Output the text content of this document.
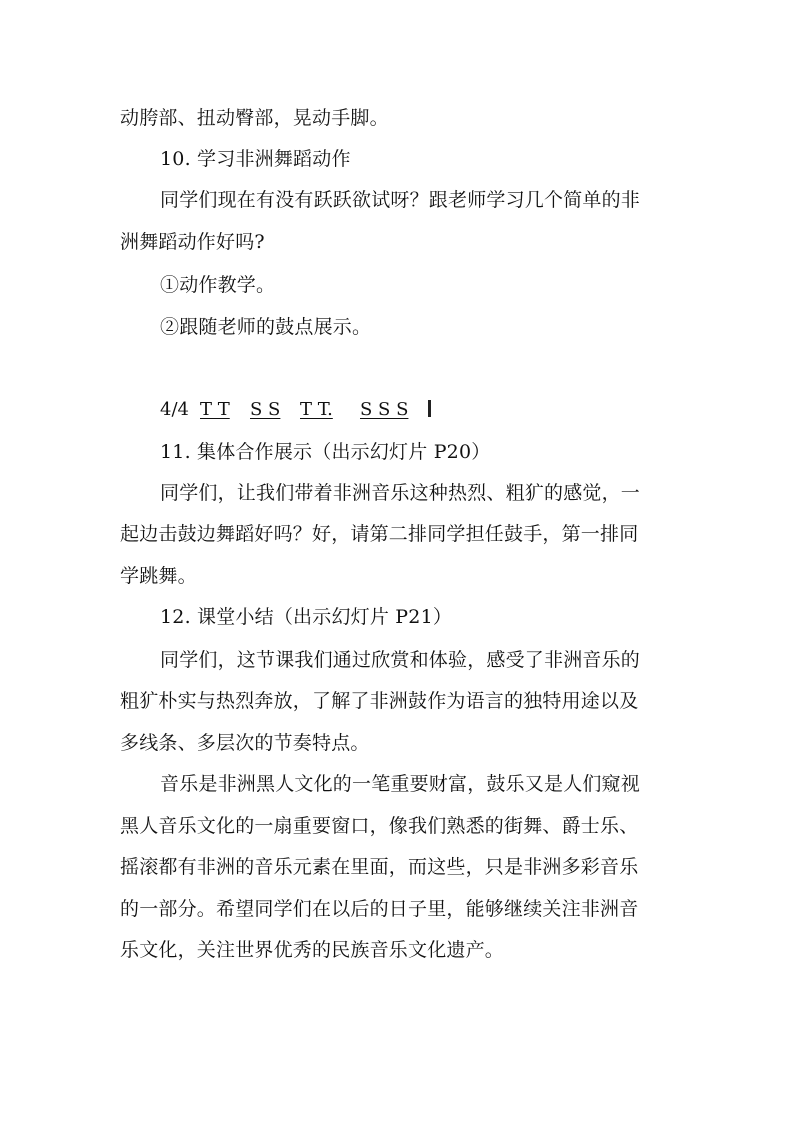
动胯部、扭动臀部，晃动手脚。
10. 学习非洲舞蹈动作
同学们现在有没有跃跃欲试呀？跟老师学习几个简单的非
洲舞蹈动作好吗?
①动作教学。
②跟随老师的鼓点展示。
4/4 T T S S T T. S S S
11. 集体合作展示（出示幻灯片 P20）
同学们，让我们带着非洲音乐这种热烈、粗犷的感觉，一
起边击鼓边舞蹈好吗？好，请第二排同学担任鼓手，第一排同
学跳舞。
12. 课堂小结（出示幻灯片 P21）
同学们，这节课我们通过欣赏和体验，感受了非洲音乐的
粗犷朴实与热烈奔放，了解了非洲鼓作为语言的独特用途以及
多线条、多层次的节奏特点。
音乐是非洲黑人文化的一笔重要财富，鼓乐又是人们窥视
黑人音乐文化的一扇重要窗口，像我们熟悉的街舞、爵士乐、
摇滚都有非洲的音乐元素在里面，而这些，只是非洲多彩音乐
的一部分。希望同学们在以后的日子里，能够继续关注非洲音
乐文化，关注世界优秀的民族音乐文化遗产。
